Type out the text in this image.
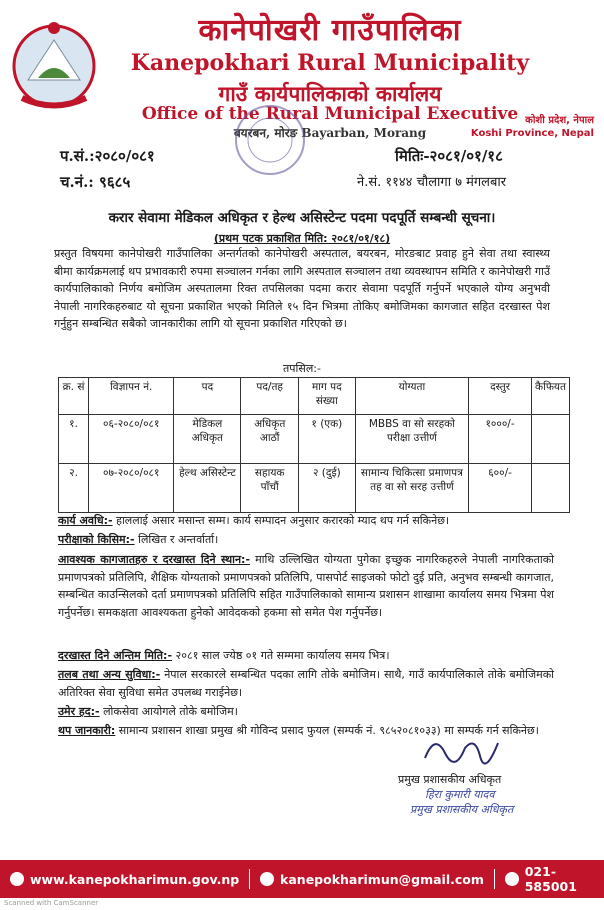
कानेपोखरी गाउँपालिका
Kanepokhari Rural Municipality
गाउँ कार्यपालिकाको कार्यालय
Office of the Rural Municipal Executive
बयरबन, मोरङ Bayarban, Morang
कोशी प्रदेश, नेपाल
Koshi Province, Nepal
प.सं.:२०८०/०८१
च.नं.: ९६८५
मितिः-२०८१/०१/१८
ने.सं. ११४४ चौलागा ७ मंगलबार
करार सेवामा मेडिकल अधिकृत र हेल्थ असिस्टेन्ट पदमा पदपूर्ति सम्बन्धी सूचना।
(प्रथम पटक प्रकाशित मिति: २०८१/०१/१८)
प्रस्तुत विषयमा कानेपोखरी गाउँपालिका अन्तर्गतको कानेपोखरी अस्पताल, बयरबन, मोरङबाट प्रवाह हुने सेवा तथा स्वास्थ्य बीमा कार्यक्रमलाई थप प्रभावकारी रुपमा सञ्चालन गर्नका लागि अस्पताल सञ्चालन तथा व्यवस्थापन समिति र कानेपोखरी गाउँ कार्यपालिकाको निर्णय बमोजिम अस्पतालमा रिक्त तपसिलका पदमा करार सेवामा पदपूर्ति गर्नुपर्ने भएकाले योग्य अनुभवी नेपाली नागरिकहरुबाट यो सूचना प्रकाशित भएको मितिले १५ दिन भित्रमा तोकिए बमोजिमका कागजात सहित दरखास्त पेश गर्नुहुन सम्बन्धित सबैको जानकारीका लागि यो सूचना प्रकाशित गरिएको छ।
तपसिल:-
क्र. सं	विज्ञापन नं.	पद	पद/तह	माग पद संख्या	योग्यता	दस्तुर	कैफियत
१.	०६-२०८०/०८१	मेडिकल अधिकृत	अधिकृत आठौं	१ (एक)	MBBS वा सो सरहको परीक्षा उत्तीर्ण	१०००/-	
२.	०७-२०८०/०८१	हेल्थ असिस्टेन्ट	सहायक पाँचौं	२ (दुई)	सामान्य चिकित्सा प्रमाणपत्र तह वा सो सरह उत्तीर्ण	६००/-	
कार्य अवधि:- हाललाई असार मसान्त सम्म। कार्य सम्पादन अनुसार करारको म्याद थप गर्न सकिनेछ।
परीक्षाको किसिम:- लिखित र अन्तर्वार्ता।
आवश्यक कागजातहरु र दरखास्त दिने स्थान:- माथि उल्लिखित योग्यता पुगेका इच्छुक नागरिकहरुले नेपाली नागरिकताको प्रमाणपत्रको प्रतिलिपि, शैक्षिक योग्यताको प्रमाणपत्रको प्रतिलिपि, पासपोर्ट साइजको फोटो दुई प्रति, अनुभव सम्बन्धी कागजात, सम्बन्धित काउन्सिलको दर्ता प्रमाणपत्रको प्रतिलिपि सहित गाउँपालिकाको सामान्य प्रशासन शाखामा कार्यालय समय भित्रमा पेश गर्नुपर्नेछ। समकक्षता आवश्यकता हुनेको आवेदकको हकमा सो समेत पेश गर्नुपर्नेछ।
दरखास्त दिने अन्तिम मिति:- २०८१ साल ज्येष्ठ ०१ गते सम्ममा कार्यालय समय भित्र।
तलब तथा अन्य सुविधा:- नेपाल सरकारले सम्बन्धित पदका लागि तोके बमोजिम। साथै, गाउँ कार्यपालिकाले तोके बमोजिमको अतिरिक्त सेवा सुविधा समेत उपलब्ध गराईनेछ।
उमेर हद:- लोकसेवा आयोगले तोके बमोजिम।
थप जानकारी: सामान्य प्रशासन शाखा प्रमुख श्री गोविन्द प्रसाद फुयल (सम्पर्क नं. ९८५२०८१०३३) मा सम्पर्क गर्न सकिनेछ।
प्रमुख प्रशासकीय अधिकृत
हिरा कुमारी यादव
प्रमुख प्रशासकीय अधिकृत
www.kanepokharimun.gov.np	kanepokharimun@gmail.com	021-585001
Scanned with CamScanner
